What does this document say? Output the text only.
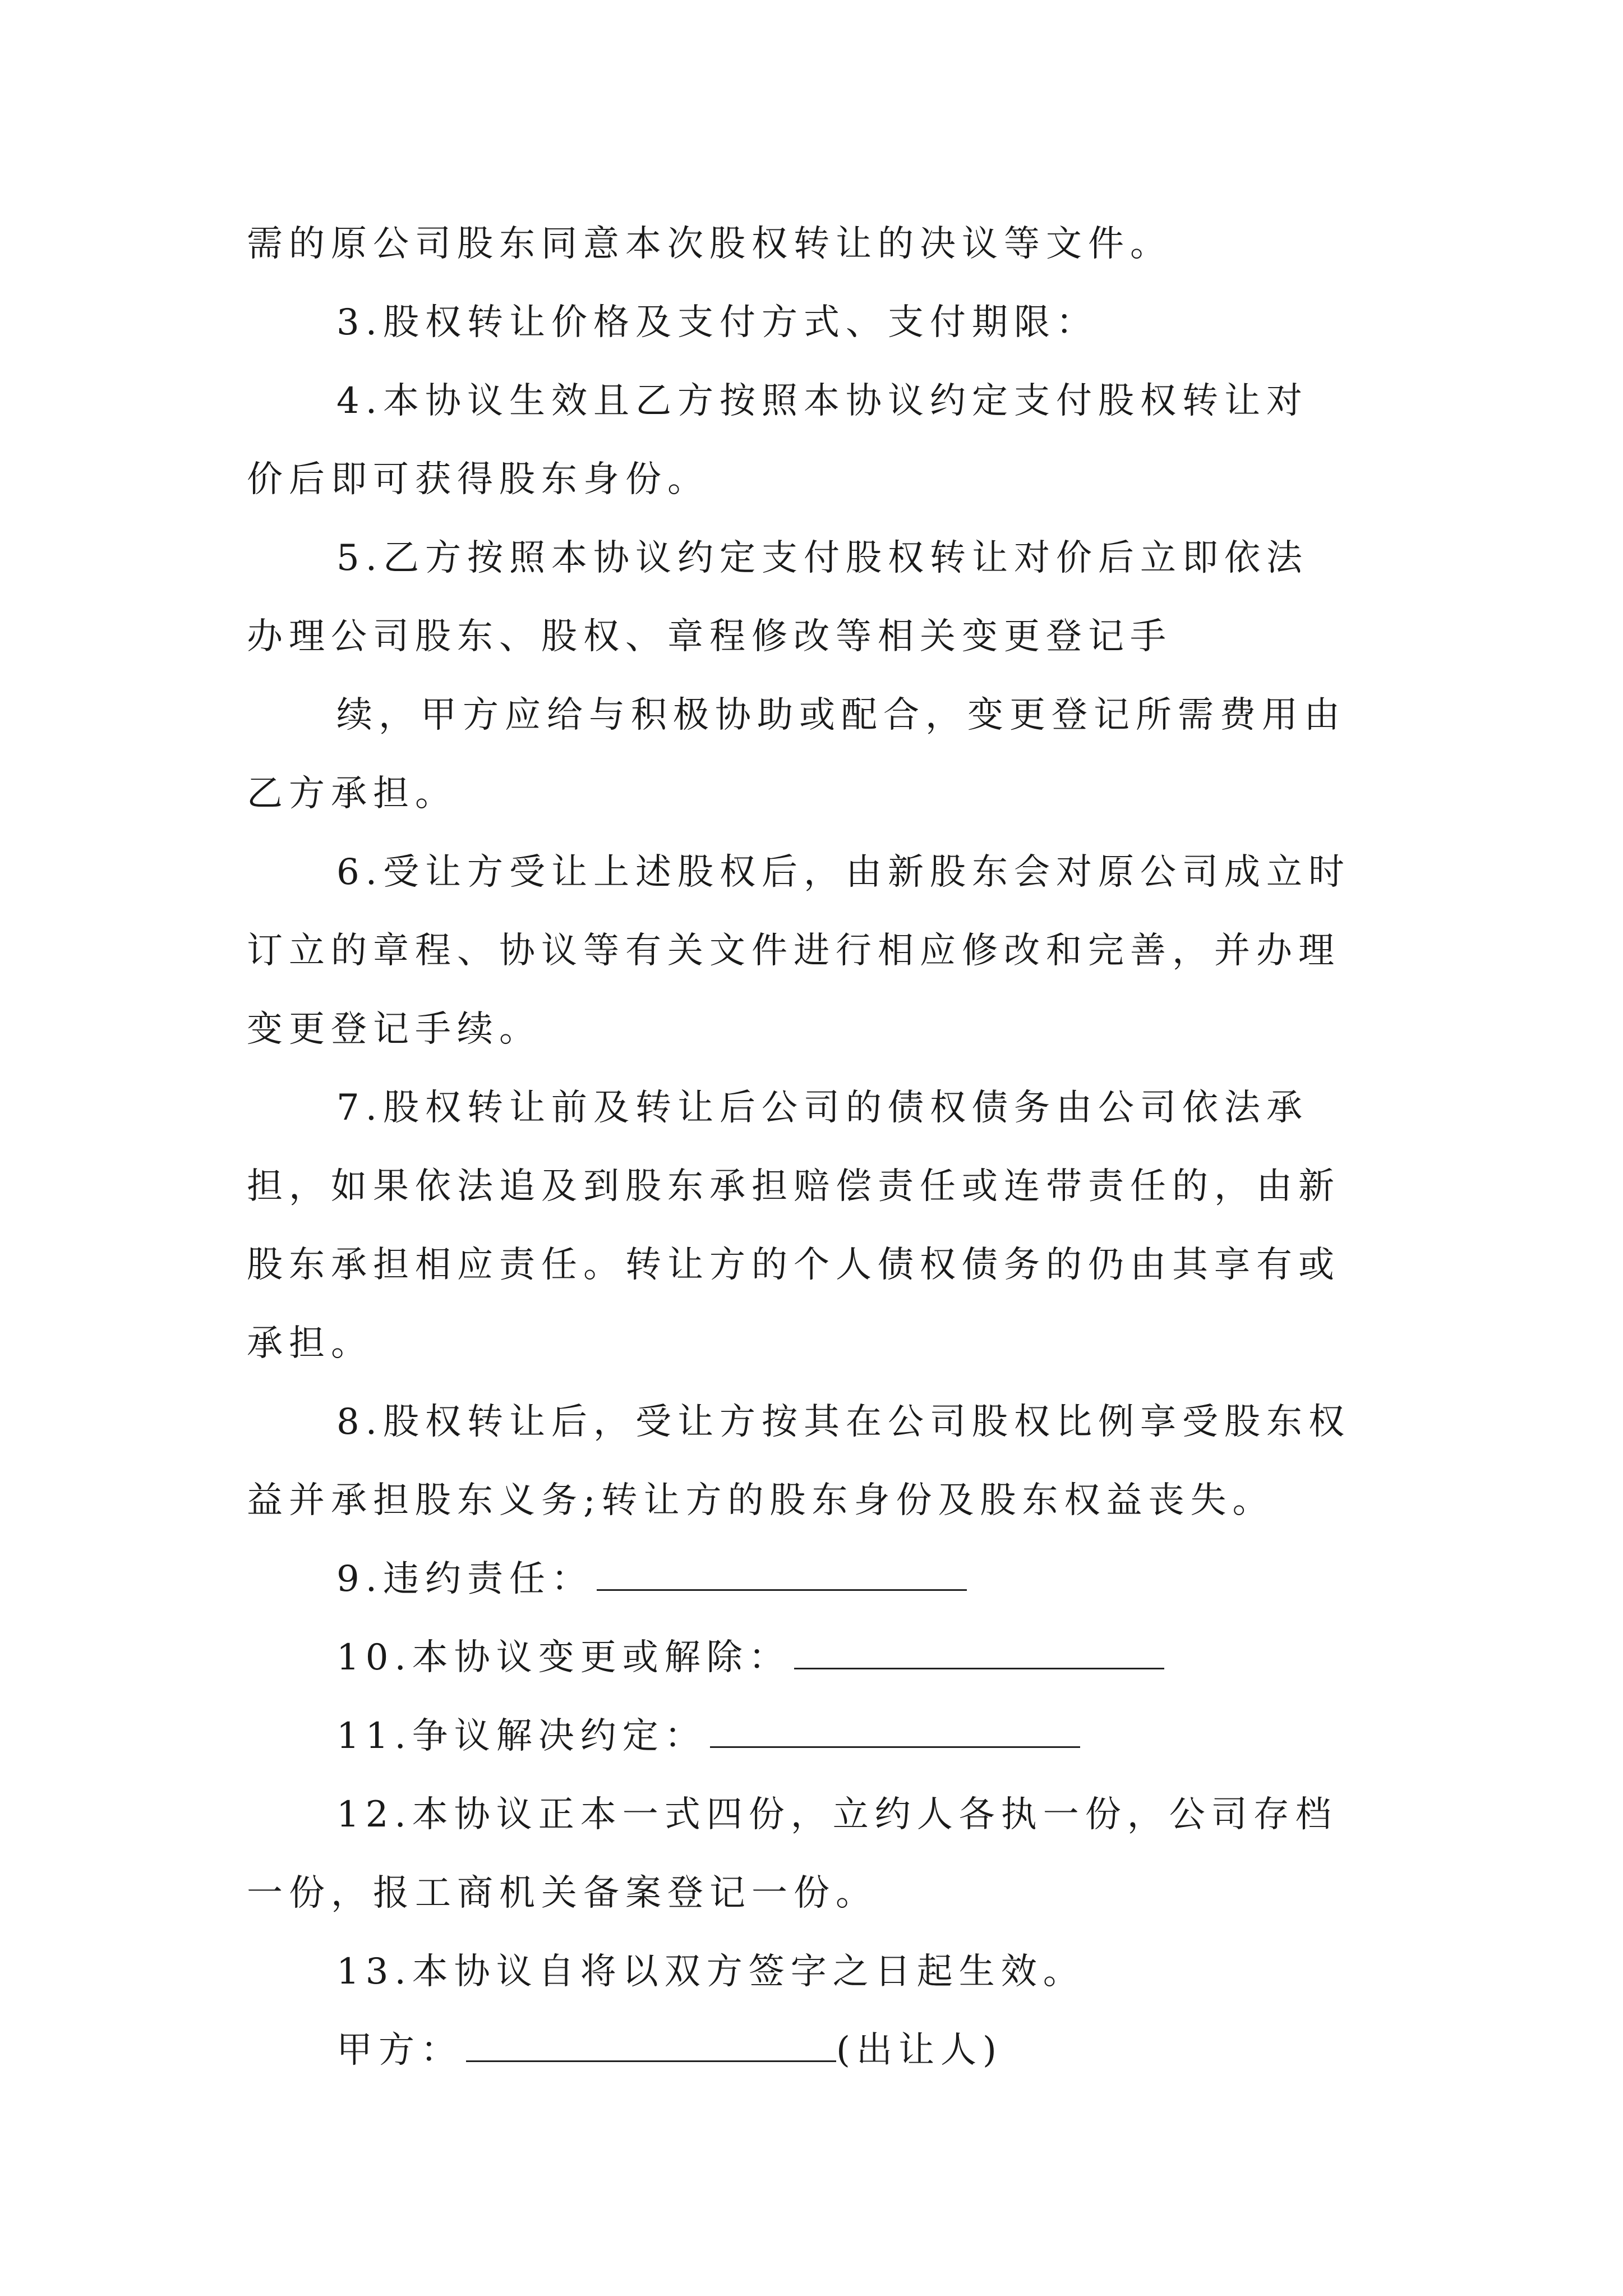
需的原公司股东同意本次股权转让的决议等文件。
3.股权转让价格及支付方式、支付期限：
4.本协议生效且乙方按照本协议约定支付股权转让对
价后即可获得股东身份。
5.乙方按照本协议约定支付股权转让对价后立即依法
办理公司股东、股权、章程修改等相关变更登记手
续，甲方应给与积极协助或配合，变更登记所需费用由
乙方承担。
6.受让方受让上述股权后，由新股东会对原公司成立时
订立的章程、协议等有关文件进行相应修改和完善，并办理
变更登记手续。
7.股权转让前及转让后公司的债权债务由公司依法承
担，如果依法追及到股东承担赔偿责任或连带责任的，由新
股东承担相应责任。转让方的个人债权债务的仍由其享有或
承担。
8.股权转让后，受让方按其在公司股权比例享受股东权
益并承担股东义务;转让方的股东身份及股东权益丧失。
9.违约责任：
10.本协议变更或解除：
11.争议解决约定：
12.本协议正本一式四份，立约人各执一份，公司存档
一份，报工商机关备案登记一份。
13.本协议自将以双方签字之日起生效。
甲方：	(出让人)
